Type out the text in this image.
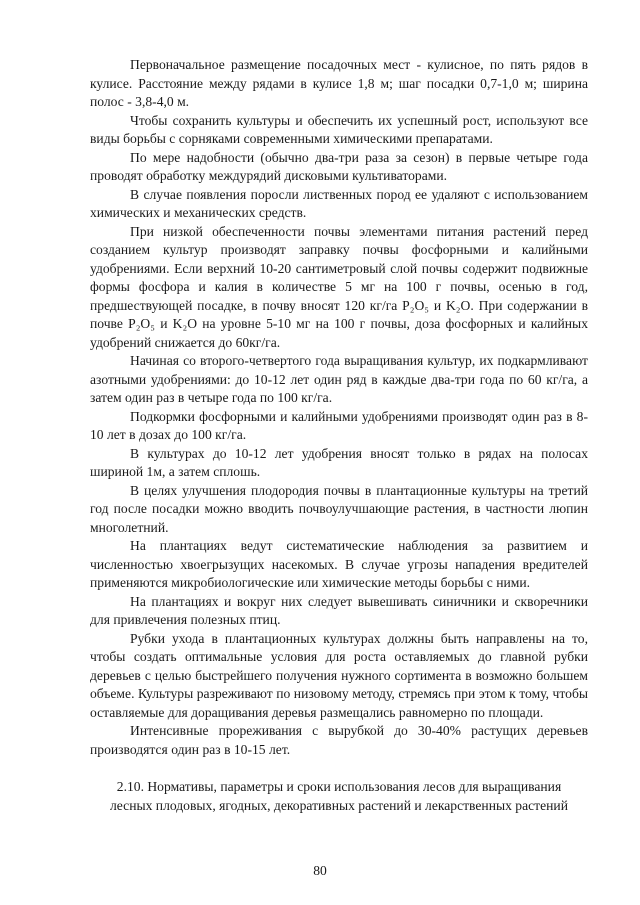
Первоначальное размещение посадочных мест - кулисное, по пять рядов в кулисе. Расстояние между рядами в кулисе 1,8 м; шаг посадки 0,7-1,0 м; ширина полос - 3,8-4,0 м.

Чтобы сохранить культуры и обеспечить их успешный рост, используют все виды борьбы с сорняками современными химическими препаратами.

По мере надобности (обычно два-три раза за сезон) в первые четыре года проводят обработку междурядий дисковыми культиваторами.

В случае появления поросли лиственных пород ее удаляют с использованием химических и механических средств.

При низкой обеспеченности почвы элементами питания растений перед созданием культур производят заправку почвы фосфорными и калийными удобрениями. Если верхний 10-20 сантиметровый слой почвы содержит подвижные формы фосфора и калия в количестве 5 мг на 100 г почвы, осенью в год, предшествующей посадке, в почву вносят 120 кг/га P₂O₅ и K₂O. При содержании в почве P₂O₅ и K₂O на уровне 5-10 мг на 100 г почвы, доза фосфорных и калийных удобрений снижается до 60кг/га.

Начиная со второго-четвертого года выращивания культур, их подкармливают азотными удобрениями: до 10-12 лет один ряд в каждые два-три года по 60 кг/га, а затем один раз в четыре года по 100 кг/га.

Подкормки фосфорными и калийными удобрениями производят один раз в 8-10 лет в дозах до 100 кг/га.

В культурах до 10-12 лет удобрения вносят только в рядах на полосах шириной 1м, а затем сплошь.

В целях улучшения плодородия почвы в плантационные культуры на третий год после посадки можно вводить почвоулучшающие растения, в частности люпин многолетний.

На плантациях ведут систематические наблюдения за развитием и численностью хвоегрызущих насекомых. В случае угрозы нападения вредителей применяются микробиологические или химические методы борьбы с ними.

На плантациях и вокруг них следует вывешивать синичники и скворечники для привлечения полезных птиц.

Рубки ухода в плантационных культурах должны быть направлены на то, чтобы создать оптимальные условия для роста оставляемых до главной рубки деревьев с целью быстрейшего получения нужного сортимента в возможно большем объеме. Культуры разреживают по низовому методу, стремясь при этом к тому, чтобы оставляемые для доращивания деревья размещались равномерно по площади.

Интенсивные прореживания с вырубкой до 30-40% растущих деревьев производятся один раз в 10-15 лет.

2.10. Нормативы, параметры и сроки использования лесов для выращивания лесных плодовых, ягодных, декоративных растений и лекарственных растений
80
